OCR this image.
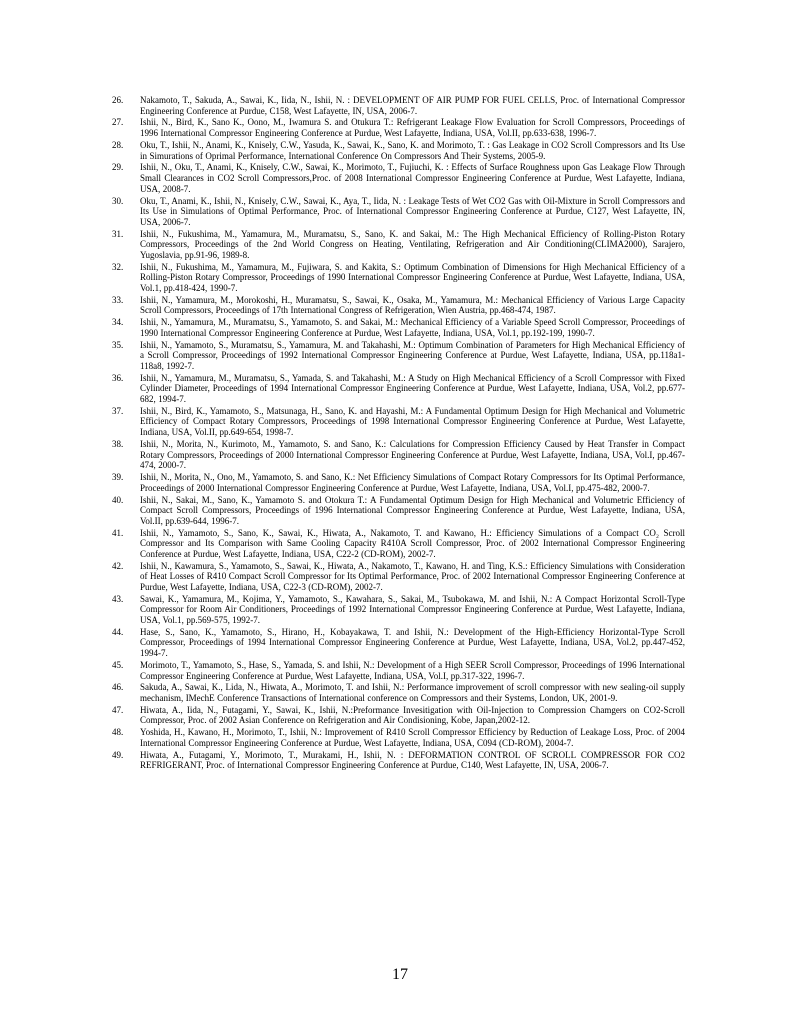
26. Nakamoto, T., Sakuda, A., Sawai, K., Iida, N., Ishii, N. : DEVELOPMENT OF AIR PUMP FOR FUEL CELLS, Proc. of International Compressor Engineering Conference at Purdue, C158, West Lafayette, IN, USA, 2006-7.
27. Ishii, N., Bird, K., Sano K., Oono, M., Iwamura S. and Otukura T.: Refrigerant Leakage Flow Evaluation for Scroll Compressors, Proceedings of 1996 International Compressor Engineering Conference at Purdue, West Lafayette, Indiana, USA, Vol.II, pp.633-638, 1996-7.
28. Oku, T., Ishii, N., Anami, K., Knisely, C.W., Yasuda, K., Sawai, K., Sano, K. and Morimoto, T. : Gas Leakage in CO2 Scroll Compressors and Its Use in Simurations of Oprimal Performance, International Conference On Compressors And Their Systems, 2005-9.
29. Ishii, N., Oku, T., Anami, K., Knisely, C.W., Sawai, K., Morimoto, T., Fujiuchi, K. : Effects of Surface Roughness upon Gas Leakage Flow Through Small Clearances in CO2 Scroll Compressors,Proc. of 2008 International Compressor Engineering Conference at Purdue, West Lafayette, Indiana, USA, 2008-7.
30. Oku, T., Anami, K., Ishii, N., Knisely, C.W., Sawai, K., Aya, T., Iida, N. : Leakage Tests of Wet CO2 Gas with Oil-Mixture in Scroll Compressors and Its Use in Simulations of Optimal Performance, Proc. of International Compressor Engineering Conference at Purdue, C127, West Lafayette, IN, USA, 2006-7.
31. Ishii, N., Fukushima, M., Yamamura, M., Muramatsu, S., Sano, K. and Sakai, M.: The High Mechanical Efficiency of Rolling-Piston Rotary Compressors, Proceedings of the 2nd World Congress on Heating, Ventilating, Refrigeration and Air Conditioning(CLIMA2000), Sarajero, Yugoslavia, pp.91-96, 1989-8.
32. Ishii, N., Fukushima, M., Yamamura, M., Fujiwara, S. and Kakita, S.: Optimum Combination of Dimensions for High Mechanical Efficiency of a Rolling-Piston Rotary Compressor, Proceedings of 1990 International Compressor Engineering Conference at Purdue, West Lafayette, Indiana, USA, Vol.1, pp.418-424, 1990-7.
33. Ishii, N., Yamamura, M., Morokoshi, H., Muramatsu, S., Sawai, K., Osaka, M., Yamamura, M.: Mechanical Efficiency of Various Large Capacity Scroll Compressors, Proceedings of 17th International Congress of Refrigeration, Wien Austria, pp.468-474, 1987.
34. Ishii, N., Yamamura, M., Muramatsu, S., Yamamoto, S. and Sakai, M.: Mechanical Efficiency of a Variable Speed Scroll Compressor, Proceedings of 1990 International Compressor Engineering Conference at Purdue, West Lafayette, Indiana, USA, Vol.1, pp.192-199, 1990-7.
35. Ishii, N., Yamamoto, S., Muramatsu, S., Yamamura, M. and Takahashi, M.: Optimum Combination of Parameters for High Mechanical Efficiency of a Scroll Compressor, Proceedings of 1992 International Compressor Engineering Conference at Purdue, West Lafayette, Indiana, USA, pp.118a1-118a8, 1992-7.
36. Ishii, N., Yamamura, M., Muramatsu, S., Yamada, S. and Takahashi, M.: A Study on High Mechanical Efficiency of a Scroll Compressor with Fixed Cylinder Diameter, Proceedings of 1994 International Compressor Engineering Conference at Purdue, West Lafayette, Indiana, USA, Vol.2, pp.677-682, 1994-7.
37. Ishii, N., Bird, K., Yamamoto, S., Matsunaga, H., Sano, K. and Hayashi, M.: A Fundamental Optimum Design for High Mechanical and Volumetric Efficiency of Compact Rotary Compressors, Proceedings of 1998 International Compressor Engineering Conference at Purdue, West Lafayette, Indiana, USA, Vol.II, pp.649-654, 1998-7.
38. Ishii, N., Morita, N., Kurimoto, M., Yamamoto, S. and Sano, K.: Calculations for Compression Efficiency Caused by Heat Transfer in Compact Rotary Compressors, Proceedings of 2000 International Compressor Engineering Conference at Purdue, West Lafayette, Indiana, USA, Vol.I, pp.467-474, 2000-7.
39. Ishii, N., Morita, N., Ono, M., Yamamoto, S. and Sano, K.: Net Efficiency Simulations of Compact Rotary Compressors for Its Optimal Performance, Proceedings of 2000 International Compressor Engineering Conference at Purdue, West Lafayette, Indiana, USA, Vol.I, pp.475-482, 2000-7.
40. Ishii, N., Sakai, M., Sano, K., Yamamoto S. and Otokura T.: A Fundamental Optimum Design for High Mechanical and Volumetric Efficiency of Compact Scroll Compressors, Proceedings of 1996 International Compressor Engineering Conference at Purdue, West Lafayette, Indiana, USA, Vol.II, pp.639-644, 1996-7.
41. Ishii, N., Yamamoto, S., Sano, K., Sawai, K., Hiwata, A., Nakamoto, T. and Kawano, H.: Efficiency Simulations of a Compact CO₂ Scroll Compressor and Its Comparison with Same Cooling Capacity R410A Scroll Compressor, Proc. of 2002 International Compressor Engineering Conference at Purdue, West Lafayette, Indiana, USA, C22-2 (CD-ROM), 2002-7.
42. Ishii, N., Kawamura, S., Yamamoto, S., Sawai, K., Hiwata, A., Nakamoto, T., Kawano, H. and Ting, K.S.: Efficiency Simulations with Consideration of Heat Losses of R410 Compact Scroll Compressor for Its Optimal Performance, Proc. of 2002 International Compressor Engineering Conference at Purdue, West Lafayette, Indiana, USA, C22-3 (CD-ROM), 2002-7.
43. Sawai, K., Yamamura, M., Kojima, Y., Yamamoto, S., Kawahara, S., Sakai, M., Tsubokawa, M. and Ishii, N.: A Compact Horizontal Scroll-Type Compressor for Room Air Conditioners, Proceedings of 1992 International Compressor Engineering Conference at Purdue, West Lafayette, Indiana, USA, Vol.1, pp.569-575, 1992-7.
44. Hase, S., Sano, K., Yamamoto, S., Hirano, H., Kobayakawa, T. and Ishii, N.: Development of the High-Efficiency Horizontal-Type Scroll Compressor, Proceedings of 1994 International Compressor Engineering Conference at Purdue, West Lafayette, Indiana, USA, Vol.2, pp.447-452, 1994-7.
45. Morimoto, T., Yamamoto, S., Hase, S., Yamada, S. and Ishii, N.: Development of a High SEER Scroll Compressor, Proceedings of 1996 International Compressor Engineering Conference at Purdue, West Lafayette, Indiana, USA, Vol.I, pp.317-322, 1996-7.
46. Sakuda, A., Sawai, K., Lida, N., Hiwata, A., Morimoto, T. and Ishii, N.: Performance improvement of scroll compressor with new sealing-oil supply mechanism, IMechE Conference Transactions of International conference on Compressors and their Systems, London, UK, 2001-9.
47. Hiwata, A., Iida, N., Futagami, Y., Sawai, K., Ishii, N.:Preformance Invesitigation with Oil-Injection to Compression Chamgers on CO2-Scroll Compressor, Proc. of 2002 Asian Conference on Refrigeration and Air Condisioning, Kobe, Japan,2002-12.
48. Yoshida, H., Kawano, H., Morimoto, T., Ishii, N.: Improvement of R410 Scroll Compressor Efficiency by Reduction of Leakage Loss, Proc. of 2004 International Compressor Engineering Conference at Purdue, West Lafayette, Indiana, USA, C094 (CD-ROM), 2004-7.
49. Hiwata, A., Futagami, Y., Morimoto, T., Murakami, H., Ishii, N. : DEFORMATION CONTROL OF SCROLL COMPRESSOR FOR CO2 REFRIGERANT, Proc. of International Compressor Engineering Conference at Purdue, C140, West Lafayette, IN, USA, 2006-7.
17
